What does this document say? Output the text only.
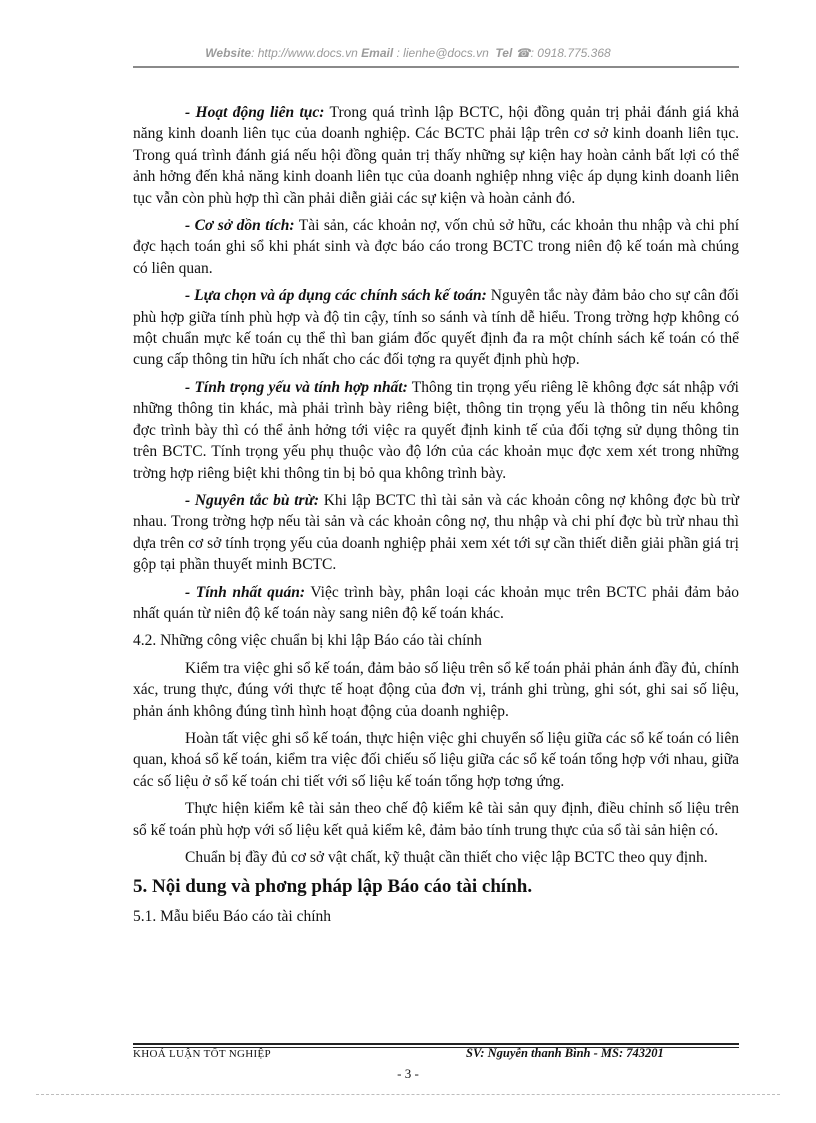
Website: http://www.docs.vn Email : lienhe@docs.vn Tel ☎: 0918.775.368

- Hoạt động liên tục: Trong quá trình lập BCTC, hội đồng quản trị phải đánh giá khả năng kinh doanh liên tục của doanh nghiệp. Các BCTC phải lập trên cơ sở kinh doanh liên tục. Trong quá trình đánh giá nếu hội đồng quản trị thấy những sự kiện hay hoàn cảnh bất lợi có thể ảnh hởng đến khả năng kinh doanh liên tục của doanh nghiệp nhng việc áp dụng kinh doanh liên tục vẫn còn phù hợp thì cần phải diễn giải các sự kiện và hoàn cảnh đó.

- Cơ sở dồn tích: Tài sản, các khoản nợ, vốn chủ sở hữu, các khoản thu nhập và chi phí đợc hạch toán ghi sổ khi phát sinh và đợc báo cáo trong BCTC trong niên độ kế toán mà chúng có liên quan.

- Lựa chọn và áp dụng các chính sách kế toán: Nguyên tắc này đảm bảo cho sự cân đối phù hợp giữa tính phù hợp và độ tin cậy, tính so sánh và tính dễ hiểu. Trong trờng hợp không có một chuẩn mực kế toán cụ thể thì ban giám đốc quyết định đa ra một chính sách kế toán có thể cung cấp thông tin hữu ích nhất cho các đối tợng ra quyết định phù hợp.

- Tính trọng yếu và tính hợp nhất: Thông tin trọng yếu riêng lẽ không đợc sát nhập với những thông tin khác, mà phải trình bày riêng biệt, thông tin trọng yếu là thông tin nếu không đợc trình bày thì có thể ảnh hởng tới việc ra quyết định kinh tế của đối tợng sử dụng thông tin trên BCTC. Tính trọng yếu phụ thuộc vào độ lớn của các khoản mục đợc xem xét trong những trờng hợp riêng biệt khi thông tin bị bỏ qua không trình bày.

- Nguyên tắc bù trừ: Khi lập BCTC thì tài sản và các khoản công nợ không đợc bù trừ nhau. Trong trờng hợp nếu tài sản và các khoản công nợ, thu nhập và chi phí đợc bù trừ nhau thì dựa trên cơ sở tính trọng yếu của doanh nghiệp phải xem xét tới sự cần thiết diễn giải phần giá trị gộp tại phần thuyết minh BCTC.

- Tính nhất quán: Việc trình bày, phân loại các khoản mục trên BCTC phải đảm bảo nhất quán từ niên độ kế toán này sang niên độ kế toán khác.

4.2. Những công việc chuẩn bị khi lập Báo cáo tài chính

Kiểm tra việc ghi sổ kế toán, đảm bảo số liệu trên sổ kế toán phải phản ánh đầy đủ, chính xác, trung thực, đúng với thực tế hoạt động của đơn vị, tránh ghi trùng, ghi sót, ghi sai số liệu, phản ánh không đúng tình hình hoạt động của doanh nghiệp.

Hoàn tất việc ghi sổ kế toán, thực hiện việc ghi chuyển số liệu giữa các sổ kế toán có liên quan, khoá sổ kế toán, kiểm tra việc đối chiếu số liệu giữa các sổ kế toán tổng hợp với nhau, giữa các số liệu ở sổ kế toán chi tiết với số liệu kế toán tổng hợp tơng ứng.

Thực hiện kiểm kê tài sản theo chế độ kiểm kê tài sản quy định, điều chỉnh số liệu trên sổ kế toán phù hợp với số liệu kết quả kiểm kê, đảm bảo tính trung thực của sổ tài sản hiện có.

Chuẩn bị đầy đủ cơ sở vật chất, kỹ thuật cần thiết cho việc lập BCTC theo quy định.

5. Nội dung và phơng pháp lập Báo cáo tài chính.

5.1. Mẫu biểu Báo cáo tài chính

KHOÁ LUẬN TỐT NGHIỆP	SV: Nguyễn thanh Bình - MS: 743201
- 3 -
